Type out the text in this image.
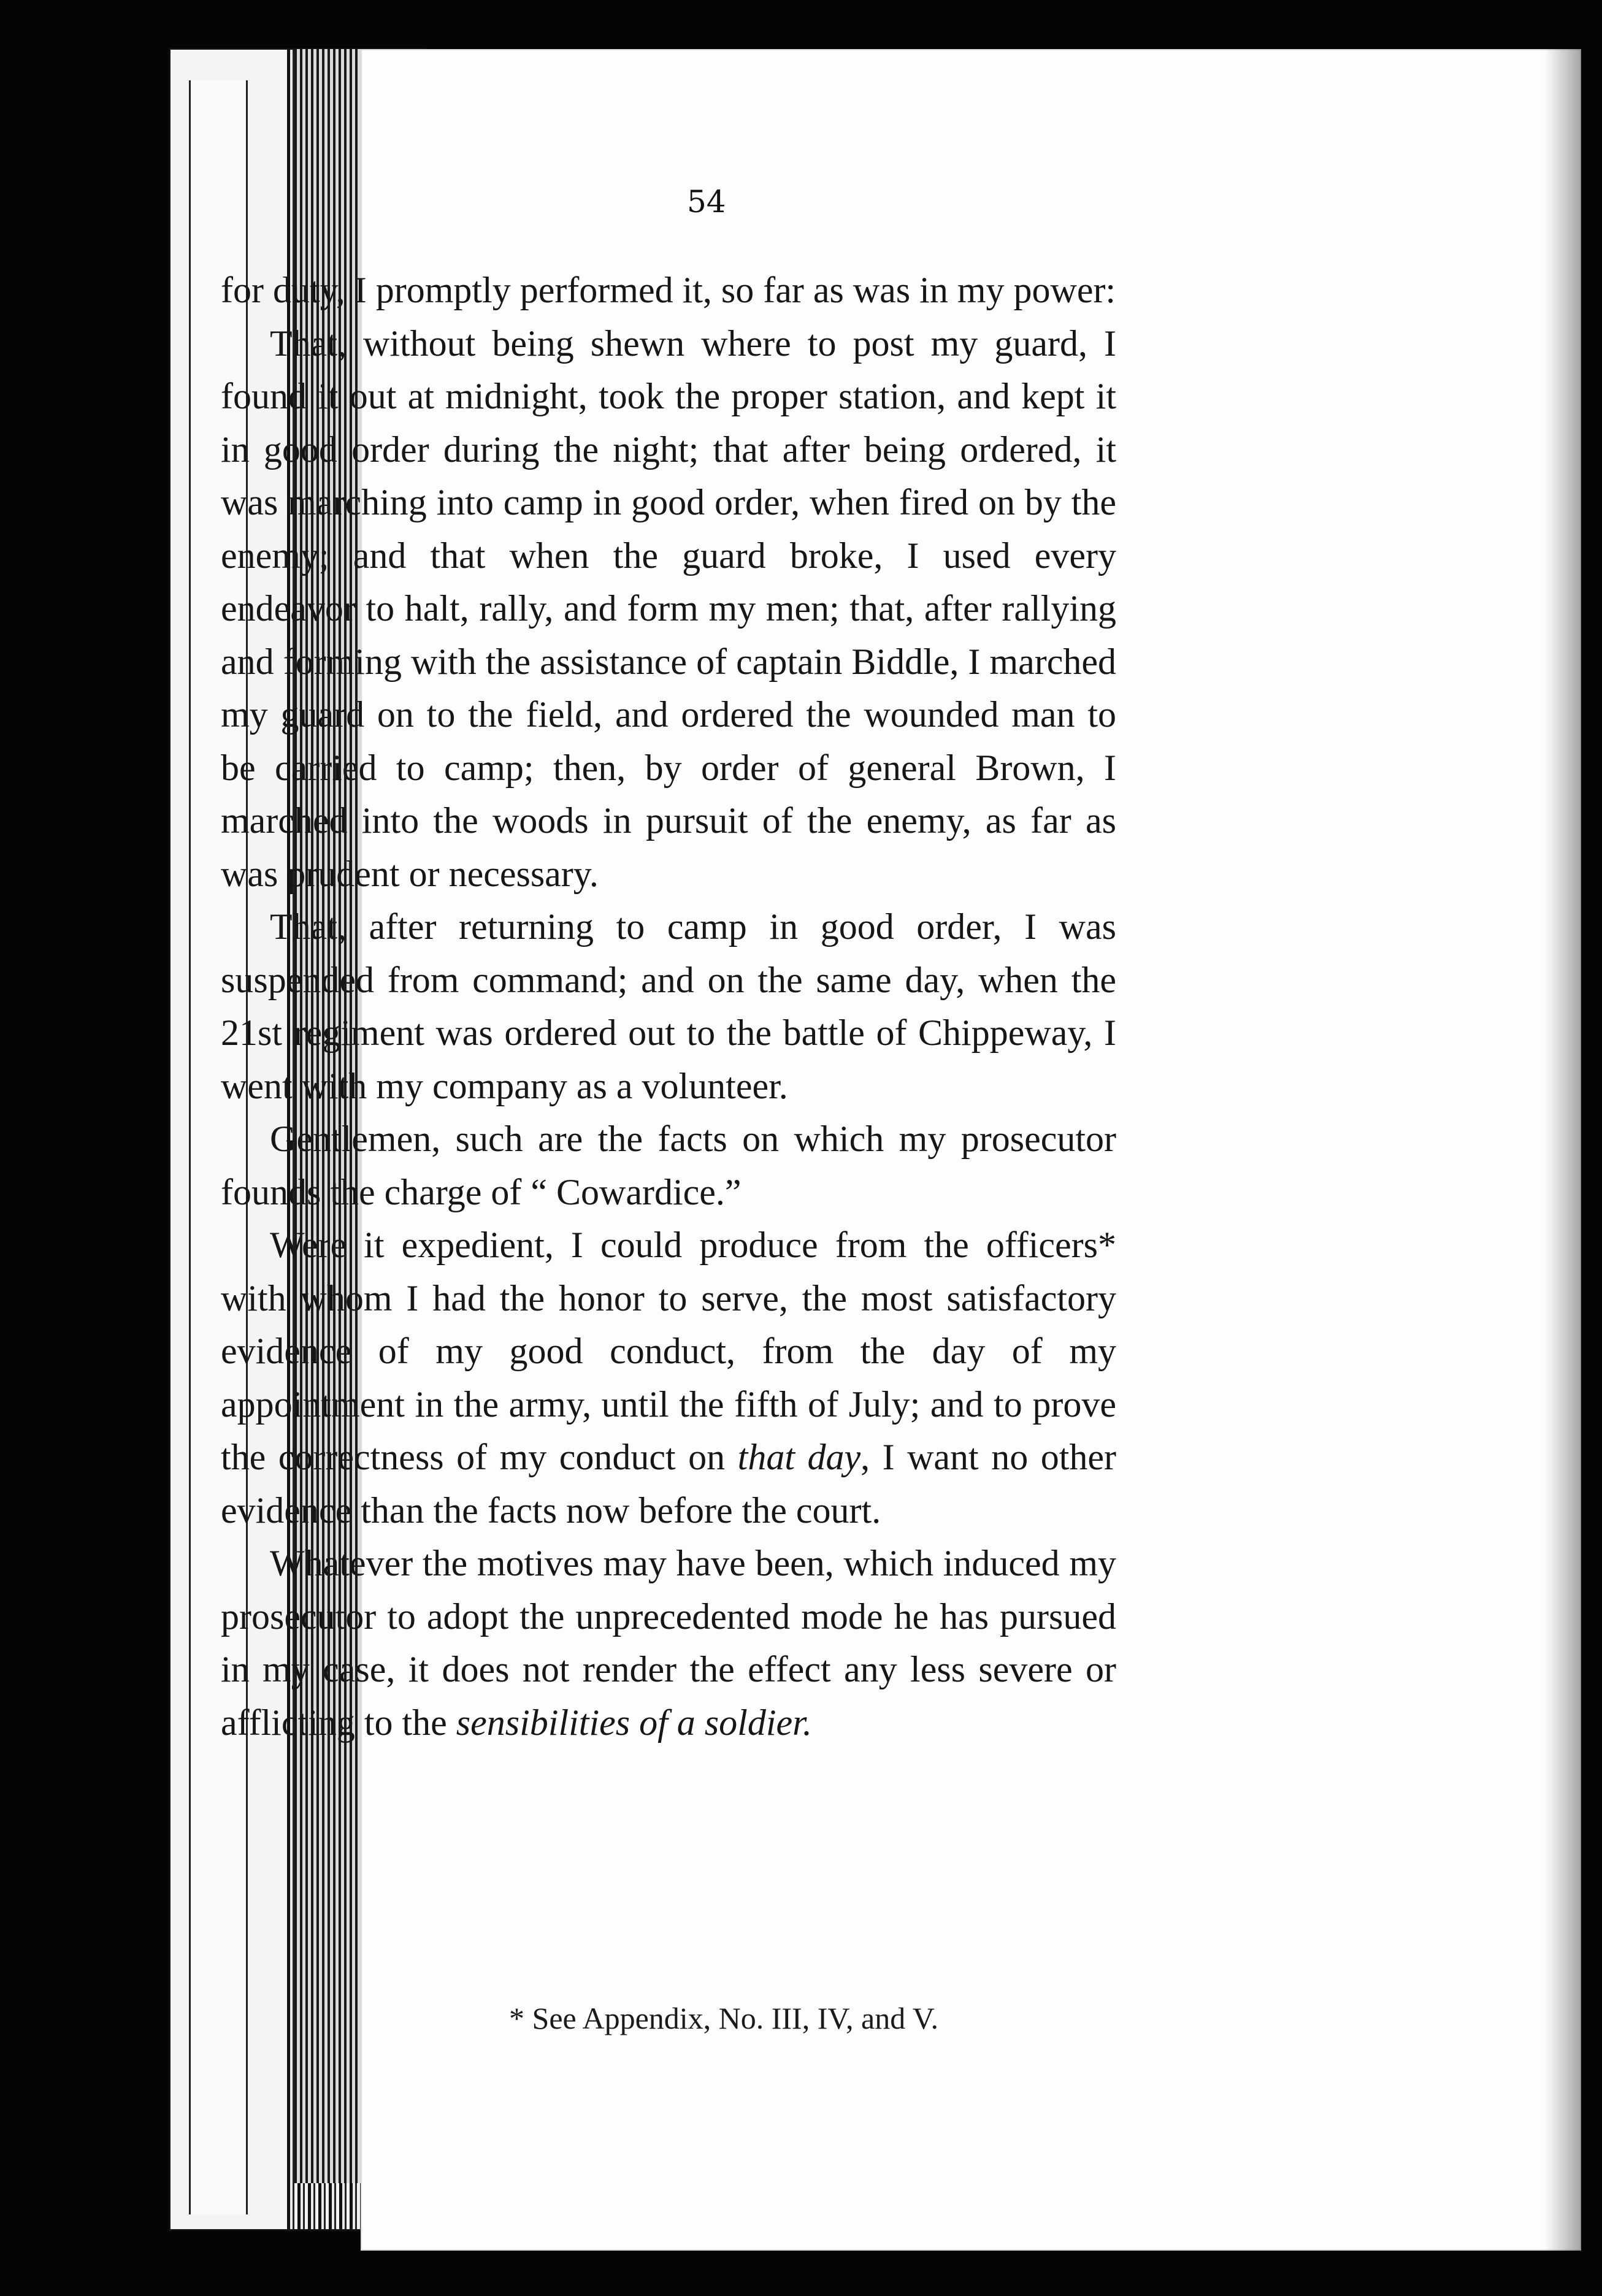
54

for duty, I promptly performed it, so far as was in my power:

That, without being shewn where to post my guard, I found it out at midnight, took the proper station, and kept it in good order during the night; that after being ordered, it was marching into camp in good order, when fired on by the enemy; and that when the guard broke, I used every endeavor to halt, rally, and form my men; that, after rallying and forming with the assistance of captain Biddle, I marched my guard on to the field, and ordered the wounded man to be carried to camp; then, by order of general Brown, I marched into the woods in pursuit of the enemy, as far as was prudent or necessary.

That, after returning to camp in good order, I was suspended from command; and on the same day, when the 21st regiment was ordered out to the battle of Chippeway, I went with my company as a volunteer.

Gentlemen, such are the facts on which my prosecutor founds the charge of “ Cowardice.”

Were it expedient, I could produce from the officers* with whom I had the honor to serve, the most satisfactory evidence of my good conduct, from the day of my appointment in the army, until the fifth of July; and to prove the correctness of my conduct on that day, I want no other evidence than the facts now before the court.

Whatever the motives may have been, which induced my prosecutor to adopt the unprecedented mode he has pursued in my case, it does not render the effect any less severe or afflicting to the sensibilities of a soldier.

* See Appendix, No. III, IV, and V.
